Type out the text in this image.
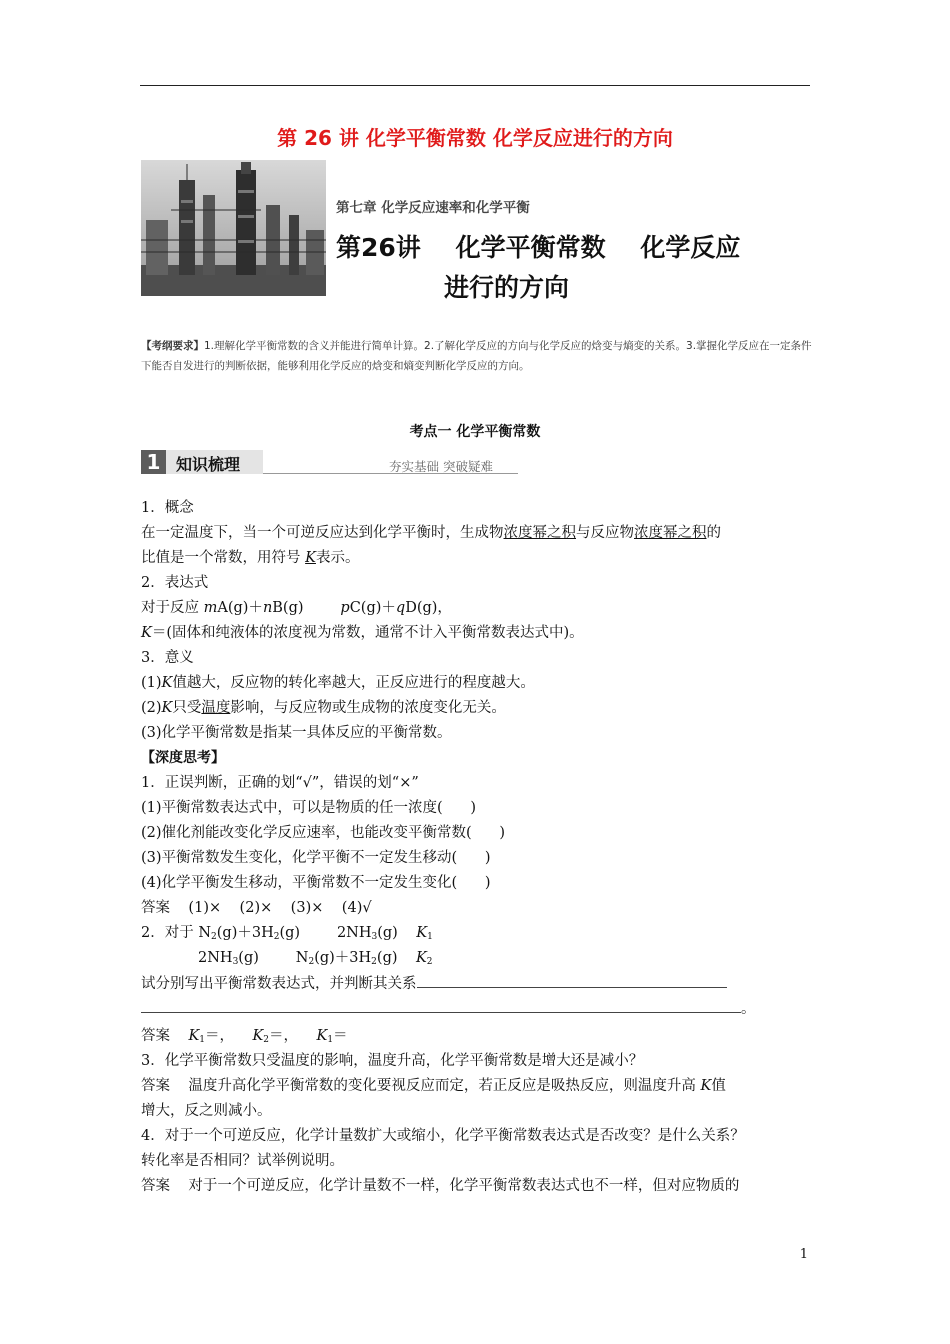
第 26 讲 化学平衡常数 化学反应进行的方向
第七章 化学反应速率和化学平衡
第26讲    化学平衡常数    化学反应
进行的方向
【考纲要求】1.理解化学平衡常数的含义并能进行简单计算。2.了解化学反应的方向与化学反应的焓变与熵变的关系。3.掌握化学反应在一定条件下能否自发进行的判断依据，能够利用化学反应的焓变和熵变判断化学反应的方向。
考点一 化学平衡常数
1 知识梳理	夯实基础 突破疑难
1．概念
在一定温度下，当一个可逆反应达到化学平衡时，生成物浓度幂之积与反应物浓度幂之积的
比值是一个常数，用符号 K表示。
2．表达式
对于反应 mA(g)＋nB(g)        pC(g)＋qD(g)，
K＝(固体和纯液体的浓度视为常数，通常不计入平衡常数表达式中)。
3．意义
(1)K值越大，反应物的转化率越大，正反应进行的程度越大。
(2)K只受温度影响，与反应物或生成物的浓度变化无关。
(3)化学平衡常数是指某一具体反应的平衡常数。
【深度思考】
1．正误判断，正确的划“√”，错误的划“×”
(1)平衡常数表达式中，可以是物质的任一浓度(      )
(2)催化剂能改变化学反应速率，也能改变平衡常数(      )
(3)平衡常数发生变化，化学平衡不一定发生移动(      )
(4)化学平衡发生移动，平衡常数不一定发生变化(      )
答案    (1)×    (2)×    (3)×    (4)√
2．对于 $N_2(g)+3H_2(g)$        $2NH_3(g)$    $K_1$
$2NH_3(g)$        $N_2(g)+3H_2(g)$    $K_2$
试分别写出平衡常数表达式，并判断其关系
。
答案    $K_1=$，    $K_2=$，    $K_1=$
3．化学平衡常数只受温度的影响，温度升高，化学平衡常数是增大还是减小？
答案    温度升高化学平衡常数的变化要视反应而定，若正反应是吸热反应，则温度升高 K值
增大，反之则减小。
4．对于一个可逆反应，化学计量数扩大或缩小，化学平衡常数表达式是否改变？是什么关系？
转化率是否相同？试举例说明。
答案    对于一个可逆反应，化学计量数不一样，化学平衡常数表达式也不一样，但对应物质的
1
